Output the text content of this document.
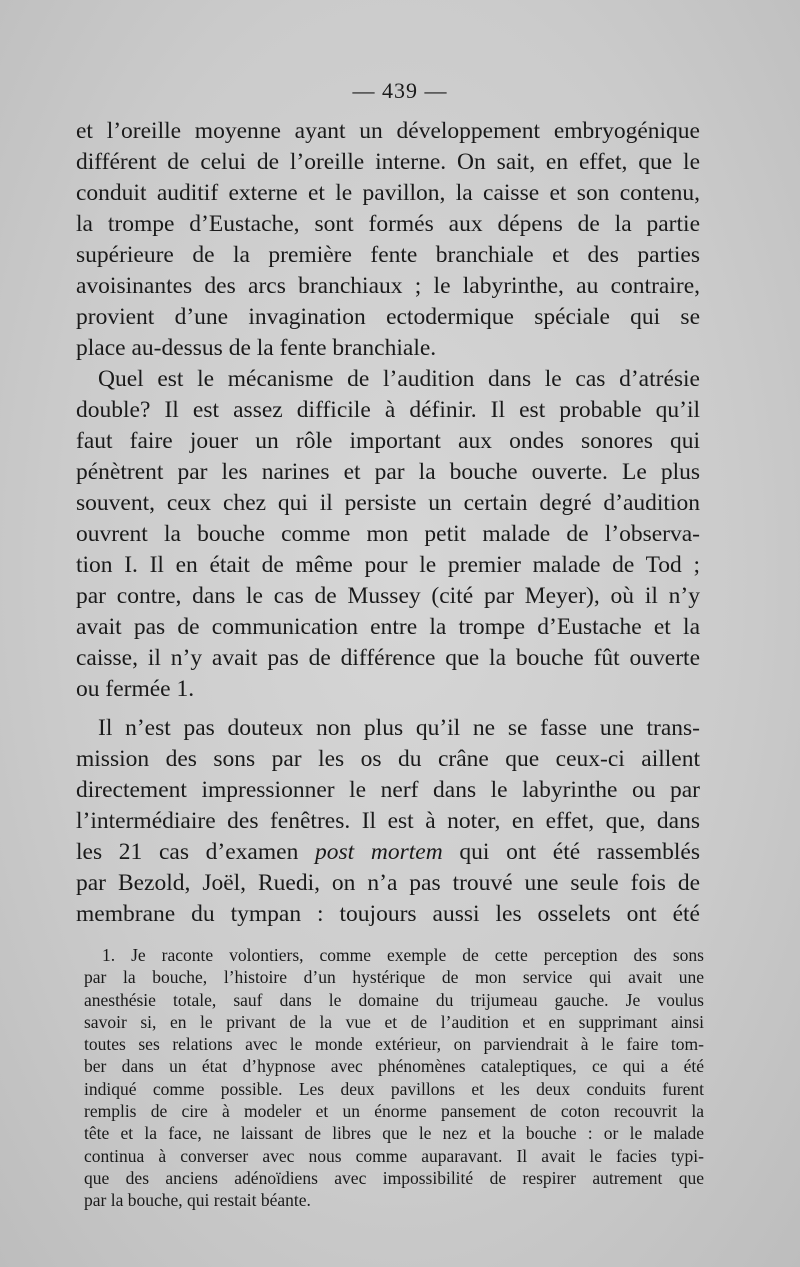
— 439 —

et l’oreille moyenne ayant un développement embryogénique
différent de celui de l’oreille interne. On sait, en effet, que le
conduit auditif externe et le pavillon, la caisse et son contenu,
la trompe d’Eustache, sont formés aux dépens de la partie
supérieure de la première fente branchiale et des parties
avoisinantes des arcs branchiaux ; le labyrinthe, au contraire,
provient d’une invagination ectodermique spéciale qui se
place au-dessus de la fente branchiale.

Quel est le mécanisme de l’audition dans le cas d’atrésie
double? Il est assez difficile à définir. Il est probable qu’il
faut faire jouer un rôle important aux ondes sonores qui
pénètrent par les narines et par la bouche ouverte. Le plus
souvent, ceux chez qui il persiste un certain degré d’audition
ouvrent la bouche comme mon petit malade de l’observa-
tion I. Il en était de même pour le premier malade de Tod ;
par contre, dans le cas de Mussey (cité par Meyer), où il n’y
avait pas de communication entre la trompe d’Eustache et la
caisse, il n’y avait pas de différence que la bouche fût ouverte
ou fermée 1.

Il n’est pas douteux non plus qu’il ne se fasse une trans-
mission des sons par les os du crâne que ceux-ci aillent
directement impressionner le nerf dans le labyrinthe ou par
l’intermédiaire des fenêtres. Il est à noter, en effet, que, dans
les 21 cas d’examen post mortem qui ont été rassemblés
par Bezold, Joël, Ruedi, on n’a pas trouvé une seule fois de
membrane du tympan : toujours aussi les osselets ont été

1. Je raconte volontiers, comme exemple de cette perception des sons
par la bouche, l’histoire d’un hystérique de mon service qui avait une
anesthésie totale, sauf dans le domaine du trijumeau gauche. Je voulus
savoir si, en le privant de la vue et de l’audition et en supprimant ainsi
toutes ses relations avec le monde extérieur, on parviendrait à le faire tom-
ber dans un état d’hypnose avec phénomènes cataleptiques, ce qui a été
indiqué comme possible. Les deux pavillons et les deux conduits furent
remplis de cire à modeler et un énorme pansement de coton recouvrit la
tête et la face, ne laissant de libres que le nez et la bouche : or le malade
continua à converser avec nous comme auparavant. Il avait le facies typi-
que des anciens adénoïdiens avec impossibilité de respirer autrement que
par la bouche, qui restait béante.
